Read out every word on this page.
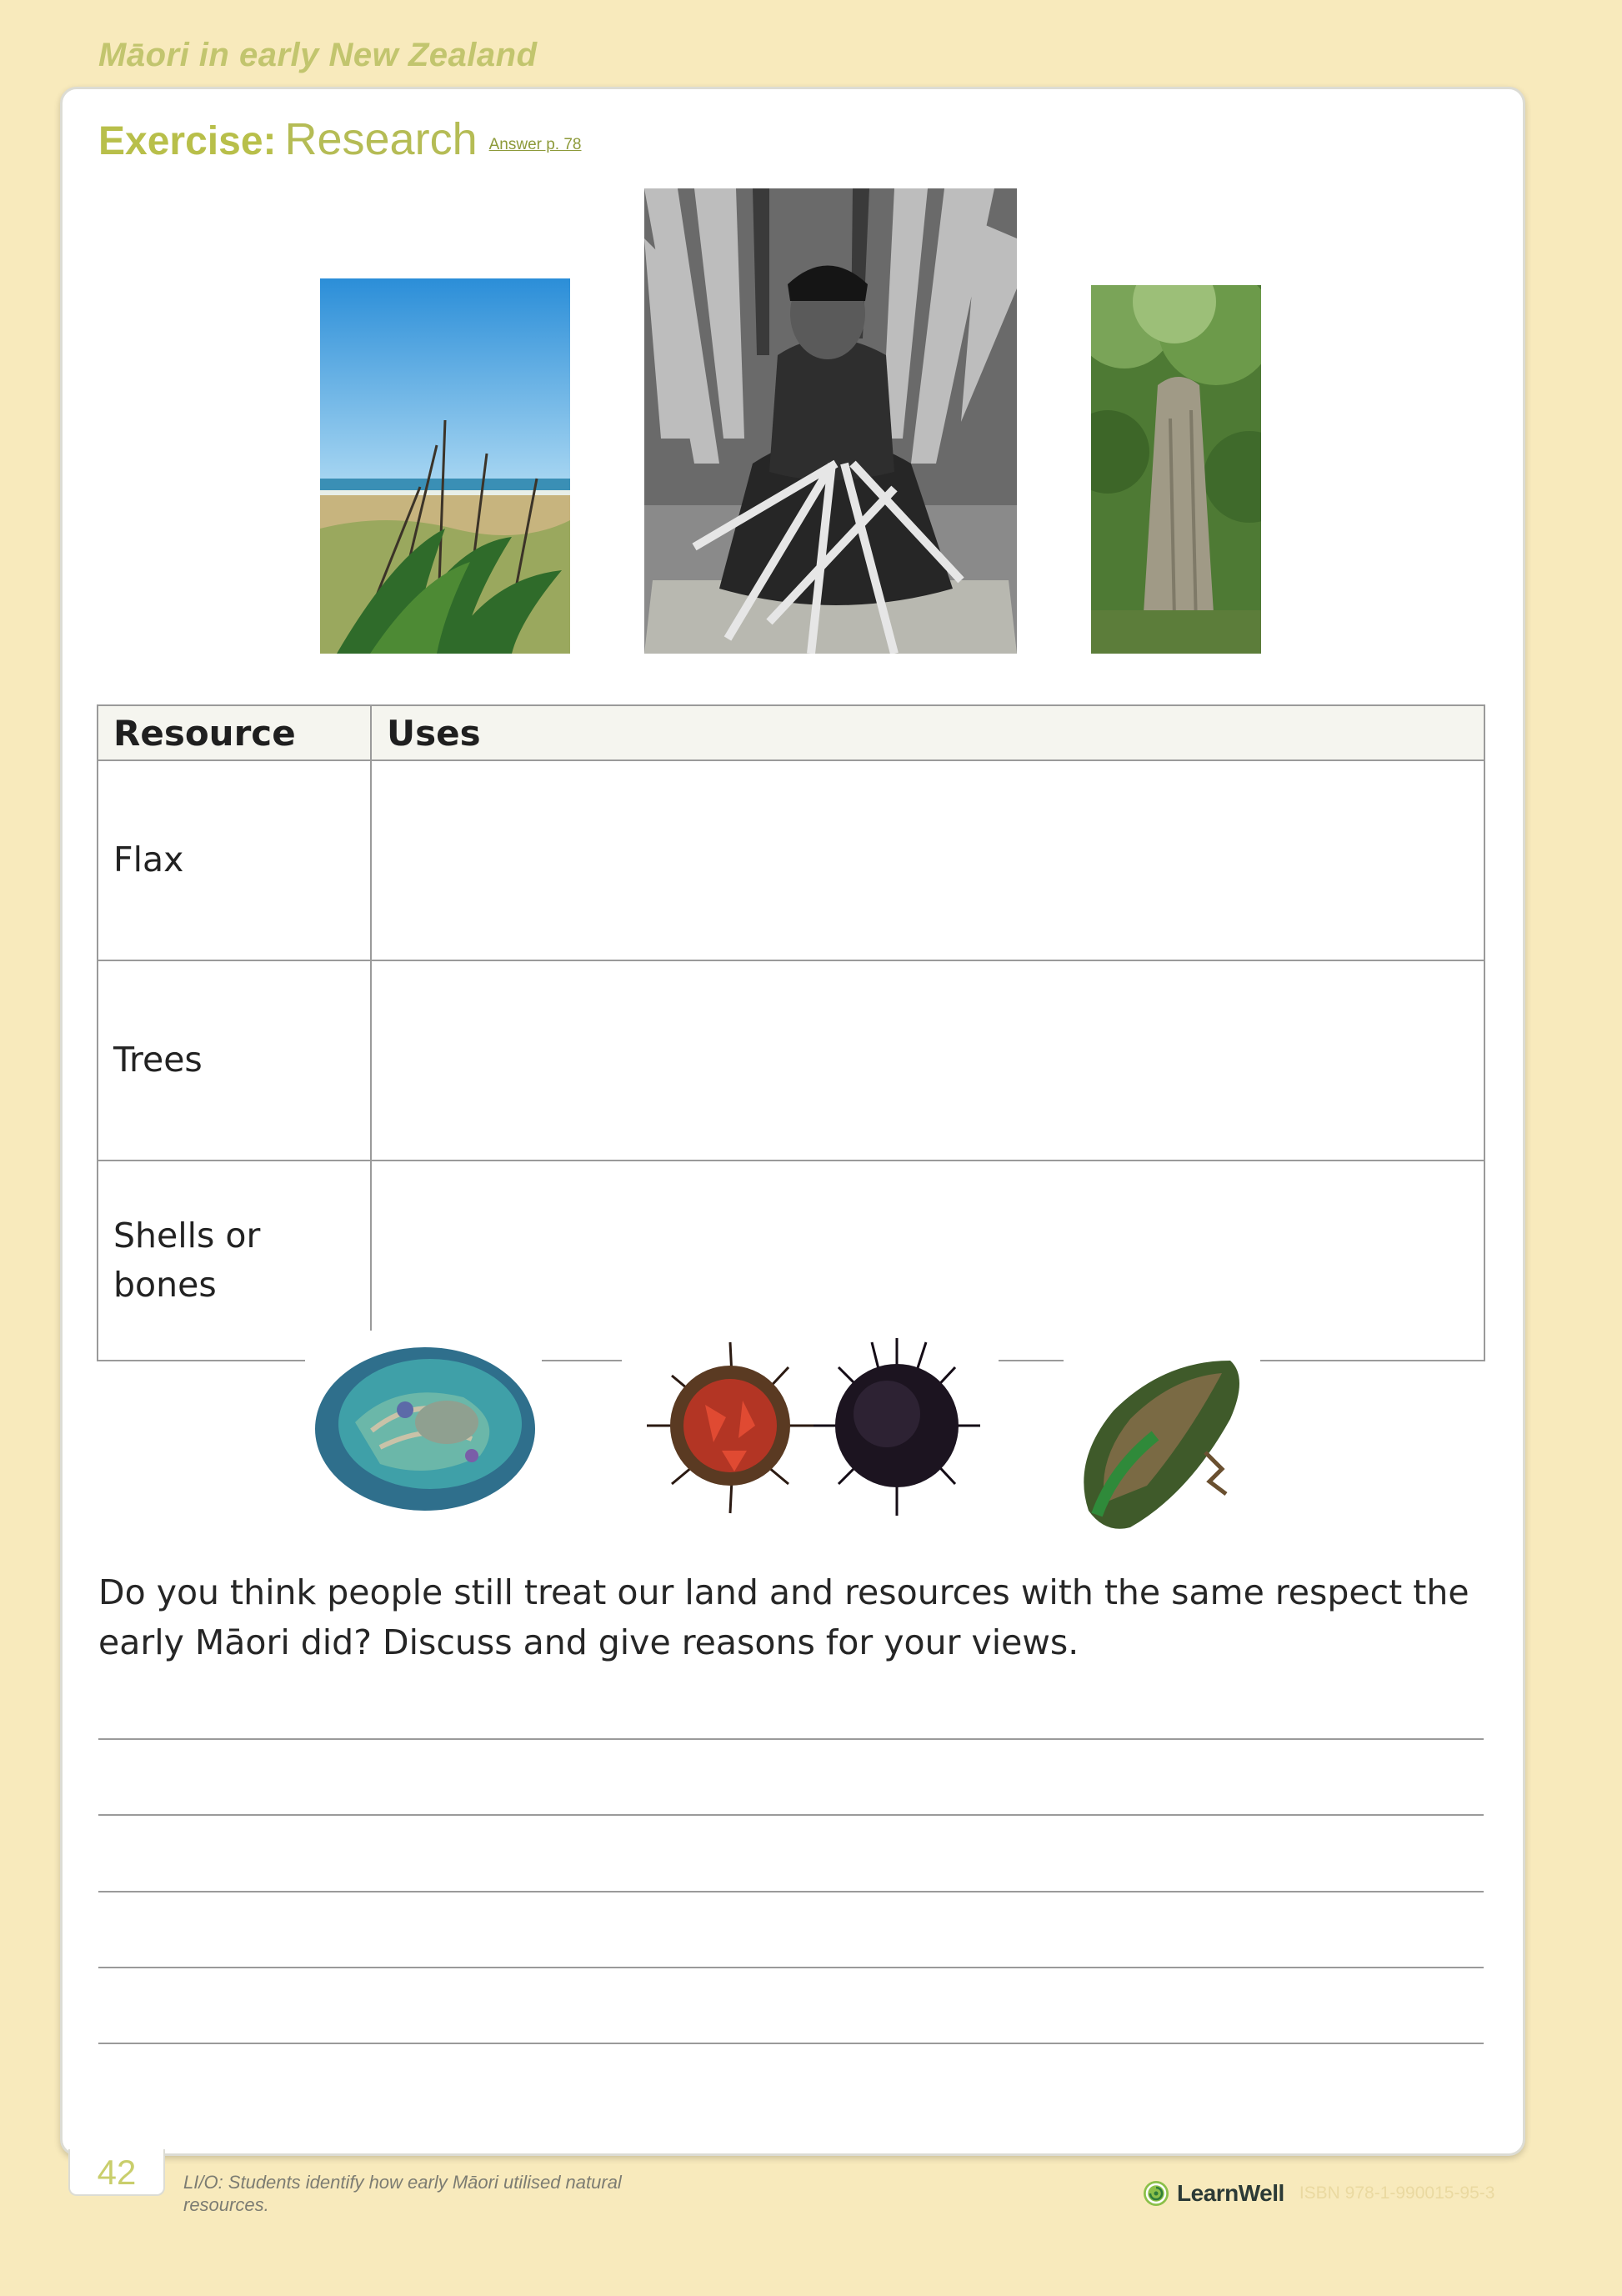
Māori in early New Zealand
Exercise: Research Answer p. 78
Resource	Uses

Flax	

Trees	

Shells or bones	

Do you think people still treat our land and resources with the same respect the early Māori did? Discuss and give reasons for your views.
42	LI/O: Students identify how early Māori utilised natural resources.	LearnWell ISBN 978-1-990015-95-3
